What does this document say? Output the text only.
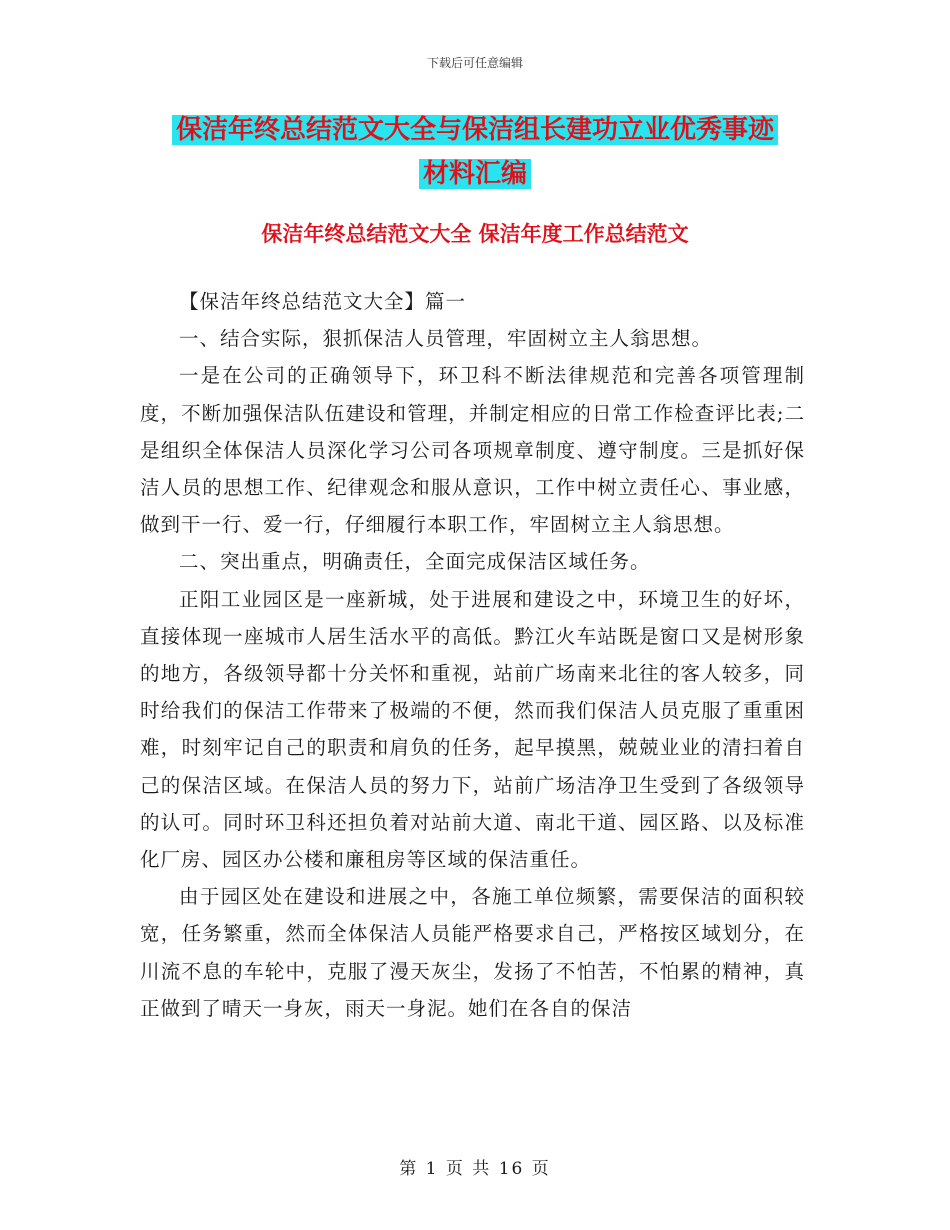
下载后可任意编辑
保洁年终总结范文大全与保洁组长建功立业优秀事迹
材料汇编
保洁年终总结范文大全 保洁年度工作总结范文

【保洁年终总结范文大全】篇一

一、结合实际，狠抓保洁人员管理，牢固树立主人翁思想。

一是在公司的正确领导下，环卫科不断法律规范和完善各项管理制度，不断加强保洁队伍建设和管理，并制定相应的日常工作检查评比表;二是组织全体保洁人员深化学习公司各项规章制度、遵守制度。三是抓好保洁人员的思想工作、纪律观念和服从意识，工作中树立责任心、事业感，做到干一行、爱一行，仔细履行本职工作，牢固树立主人翁思想。

二、突出重点，明确责任，全面完成保洁区域任务。

正阳工业园区是一座新城，处于进展和建设之中，环境卫生的好坏，直接体现一座城市人居生活水平的高低。黔江火车站既是窗口又是树形象的地方，各级领导都十分关怀和重视，站前广场南来北往的客人较多，同时给我们的保洁工作带来了极端的不便，然而我们保洁人员克服了重重困难，时刻牢记自己的职责和肩负的任务，起早摸黑，兢兢业业的清扫着自己的保洁区域。在保洁人员的努力下，站前广场洁净卫生受到了各级领导的认可。同时环卫科还担负着对站前大道、南北干道、园区路、以及标准化厂房、园区办公楼和廉租房等区域的保洁重任。

由于园区处在建设和进展之中，各施工单位频繁，需要保洁的面积较宽，任务繁重，然而全体保洁人员能严格要求自己，严格按区域划分，在川流不息的车轮中，克服了漫天灰尘，发扬了不怕苦，不怕累的精神，真 正做到了晴天一身灰，雨天一身泥。她们在各自的保洁

第 1 页 共 16 页
